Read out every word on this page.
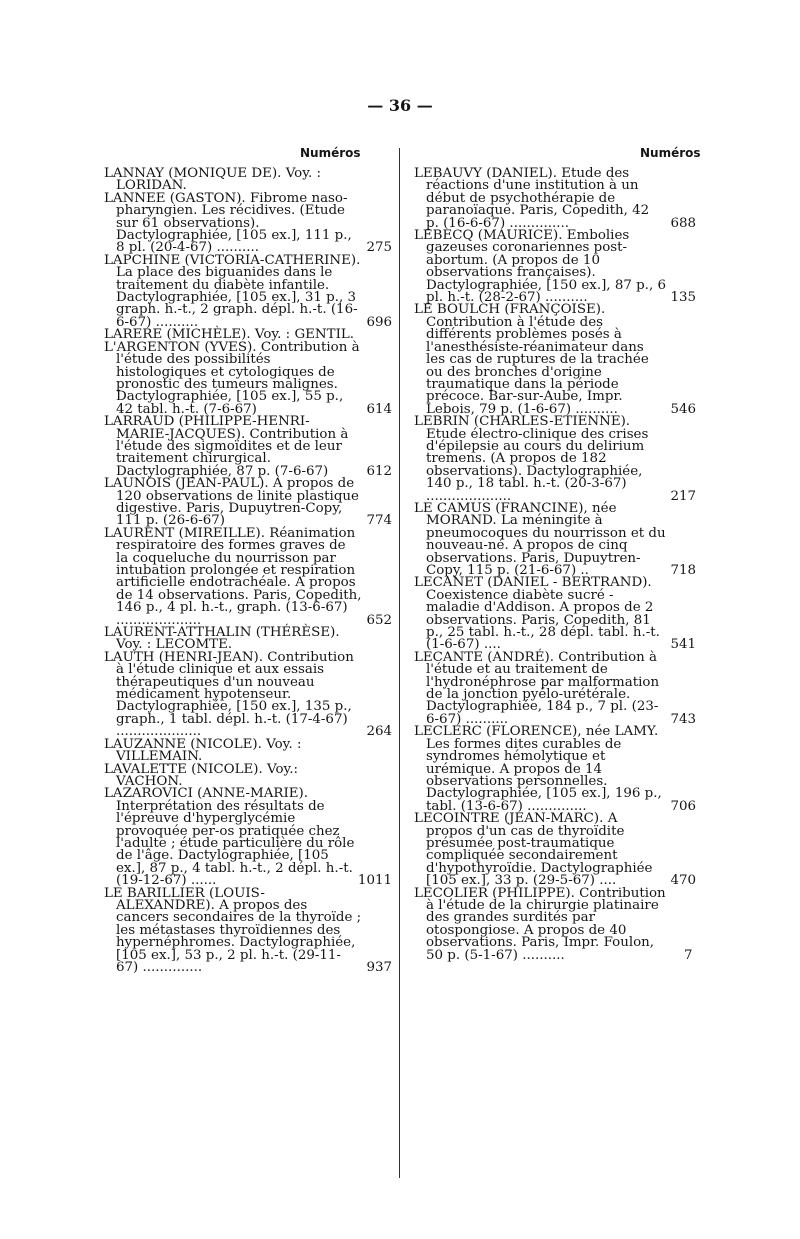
— 36 —
Numéros	Numéros
LANNAY (MONIQUE DE). Voy. : LORIDAN.
LANNEE (GASTON). Fibrome naso-pharyngien. Les récidives. (Etude sur 61 observations). Dactylographiée, [105 ex.], 111 p., 8 pl. (20-4-67) ..........	275
LAPCHINE (VICTORIA-CATHERINE). La place des biguanides dans le traitement du diabète infantile. Dactylographiée, [105 ex.], 31 p., 3 graph. h.-t., 2 graph. dépl. h.-t. (16-6-67) ..........	696
LARERE (MICHÈLE). Voy. : GENTIL.
L'ARGENTON (YVES). Contribution à l'étude des possibilités histologiques et cytologiques de pronostic des tumeurs malignes. Dactylographiée, [105 ex.], 55 p., 42 tabl. h.-t. (7-6-67)	614
LARRAUD (PHILIPPE-HENRI-MARIE-JACQUES). Contribution à l'étude des sigmoïdites et de leur traitement chirurgical. Dactylographiée, 87 p. (7-6-67)	612
LAUNOIS (JEAN-PAUL). A propos de 120 observations de linite plastique digestive. Paris, Dupuytren-Copy, 111 p. (26-6-67)	774
LAURENT (MIREILLE). Réanimation respiratoire des formes graves de la coqueluche du nourrisson par intubation prolongée et respiration artificielle endotrachéale. A propos de 14 observations. Paris, Copedith, 146 p., 4 pl. h.-t., graph. (13-6-67) ....................	652
LAURENT-ATTHALIN (THÉRÈSE). Voy. : LECOMTE.
LAUTH (HENRI-JEAN). Contribution à l'étude clinique et aux essais thérapeutiques d'un nouveau médicament hypotenseur. Dactylographiée, [150 ex.], 135 p., graph., 1 tabl. dépl. h.-t. (17-4-67) ....................	264
LAUZANNE (NICOLE). Voy. : VILLEMAIN.
LAVALETTE (NICOLE). Voy.: VACHON.
LAZAROVICI (ANNE-MARIE). Interprétation des résultats de l'épreuve d'hyperglycémie provoquée per-os pratiquée chez l'adulte ; étude particulière du rôle de l'âge. Dactylographiée, [105 ex.], 87 p., 4 tabl. h.-t., 2 dépl. h.-t. (19-12-67) ......	1011
LE BARILLIER (LOUIS-ALEXANDRE). A propos des cancers secondaires de la thyroïde ; les métastases thyroïdiennes des hypernéphromes. Dactylographiée, [105 ex.], 53 p., 2 pl. h.-t. (29-11-67) ..............	937
LEBAUVY (DANIEL). Etude des réactions d'une institution à un début de psychothérapie de paranoïaque. Paris, Copedith, 42 p. (16-6-67) ..............	688
LEBECQ (MAURICE). Embolies gazeuses coronariennes post-abortum. (A propos de 10 observations françaises). Dactylographiée, [150 ex.], 87 p., 6 pl. h.-t. (28-2-67) ..........	135
LE BOULCH (FRANÇOISE). Contribution à l'étude des différents problèmes posés à l'anesthésiste-réanimateur dans les cas de ruptures de la trachée ou des bronches d'origine traumatique dans la période précoce. Bar-sur-Aube, Impr. Lebois, 79 p. (1-6-67) ..........	546
LEBRIN (CHARLES-ETIENNE). Etude électro-clinique des crises d'épilepsie au cours du delirium tremens. (A propos de 182 observations). Dactylographiée, 140 p., 18 tabl. h.-t. (20-3-67) ....................	217
LE CAMUS (FRANCINE), née MORAND. La méningite à pneumocoques du nourrisson et du nouveau-né. A propos de cinq observations. Paris, Dupuytren-Copy, 115 p. (21-6-67) ..	718
LECANET (DANIEL - BERTRAND). Coexistence diabète sucré - maladie d'Addison. A propos de 2 observations. Paris, Copedith, 81 p., 25 tabl. h.-t., 28 dépl. tabl. h.-t. (1-6-67) ....	541
LECANTE (ANDRÉ). Contribution à l'étude et au traitement de l'hydronéphrose par malformation de la jonction pyélo-urétérale. Dactylographiée, 184 p., 7 pl. (23-6-67) ..........	743
LECLERC (FLORENCE), née LAMY. Les formes dites curables de syndromes hémolytique et urémique. A propos de 14 observations personnelles. Dactylographiée, [105 ex.], 196 p., tabl. (13-6-67) ..............	706
LECOINTRE (JEAN-MARC). A propos d'un cas de thyroïdite présumée post-traumatique compliquée secondairement d'hypothyroïdie. Dactylographiée [105 ex.], 33 p. (29-5-67) ....	470
LECOLIER (PHILIPPE). Contribution à l'étude de la chirurgie platinaire des grandes surdités par otospongiose. A propos de 40 observations. Paris, Impr. Foulon, 50 p. (5-1-67) ..........	7
